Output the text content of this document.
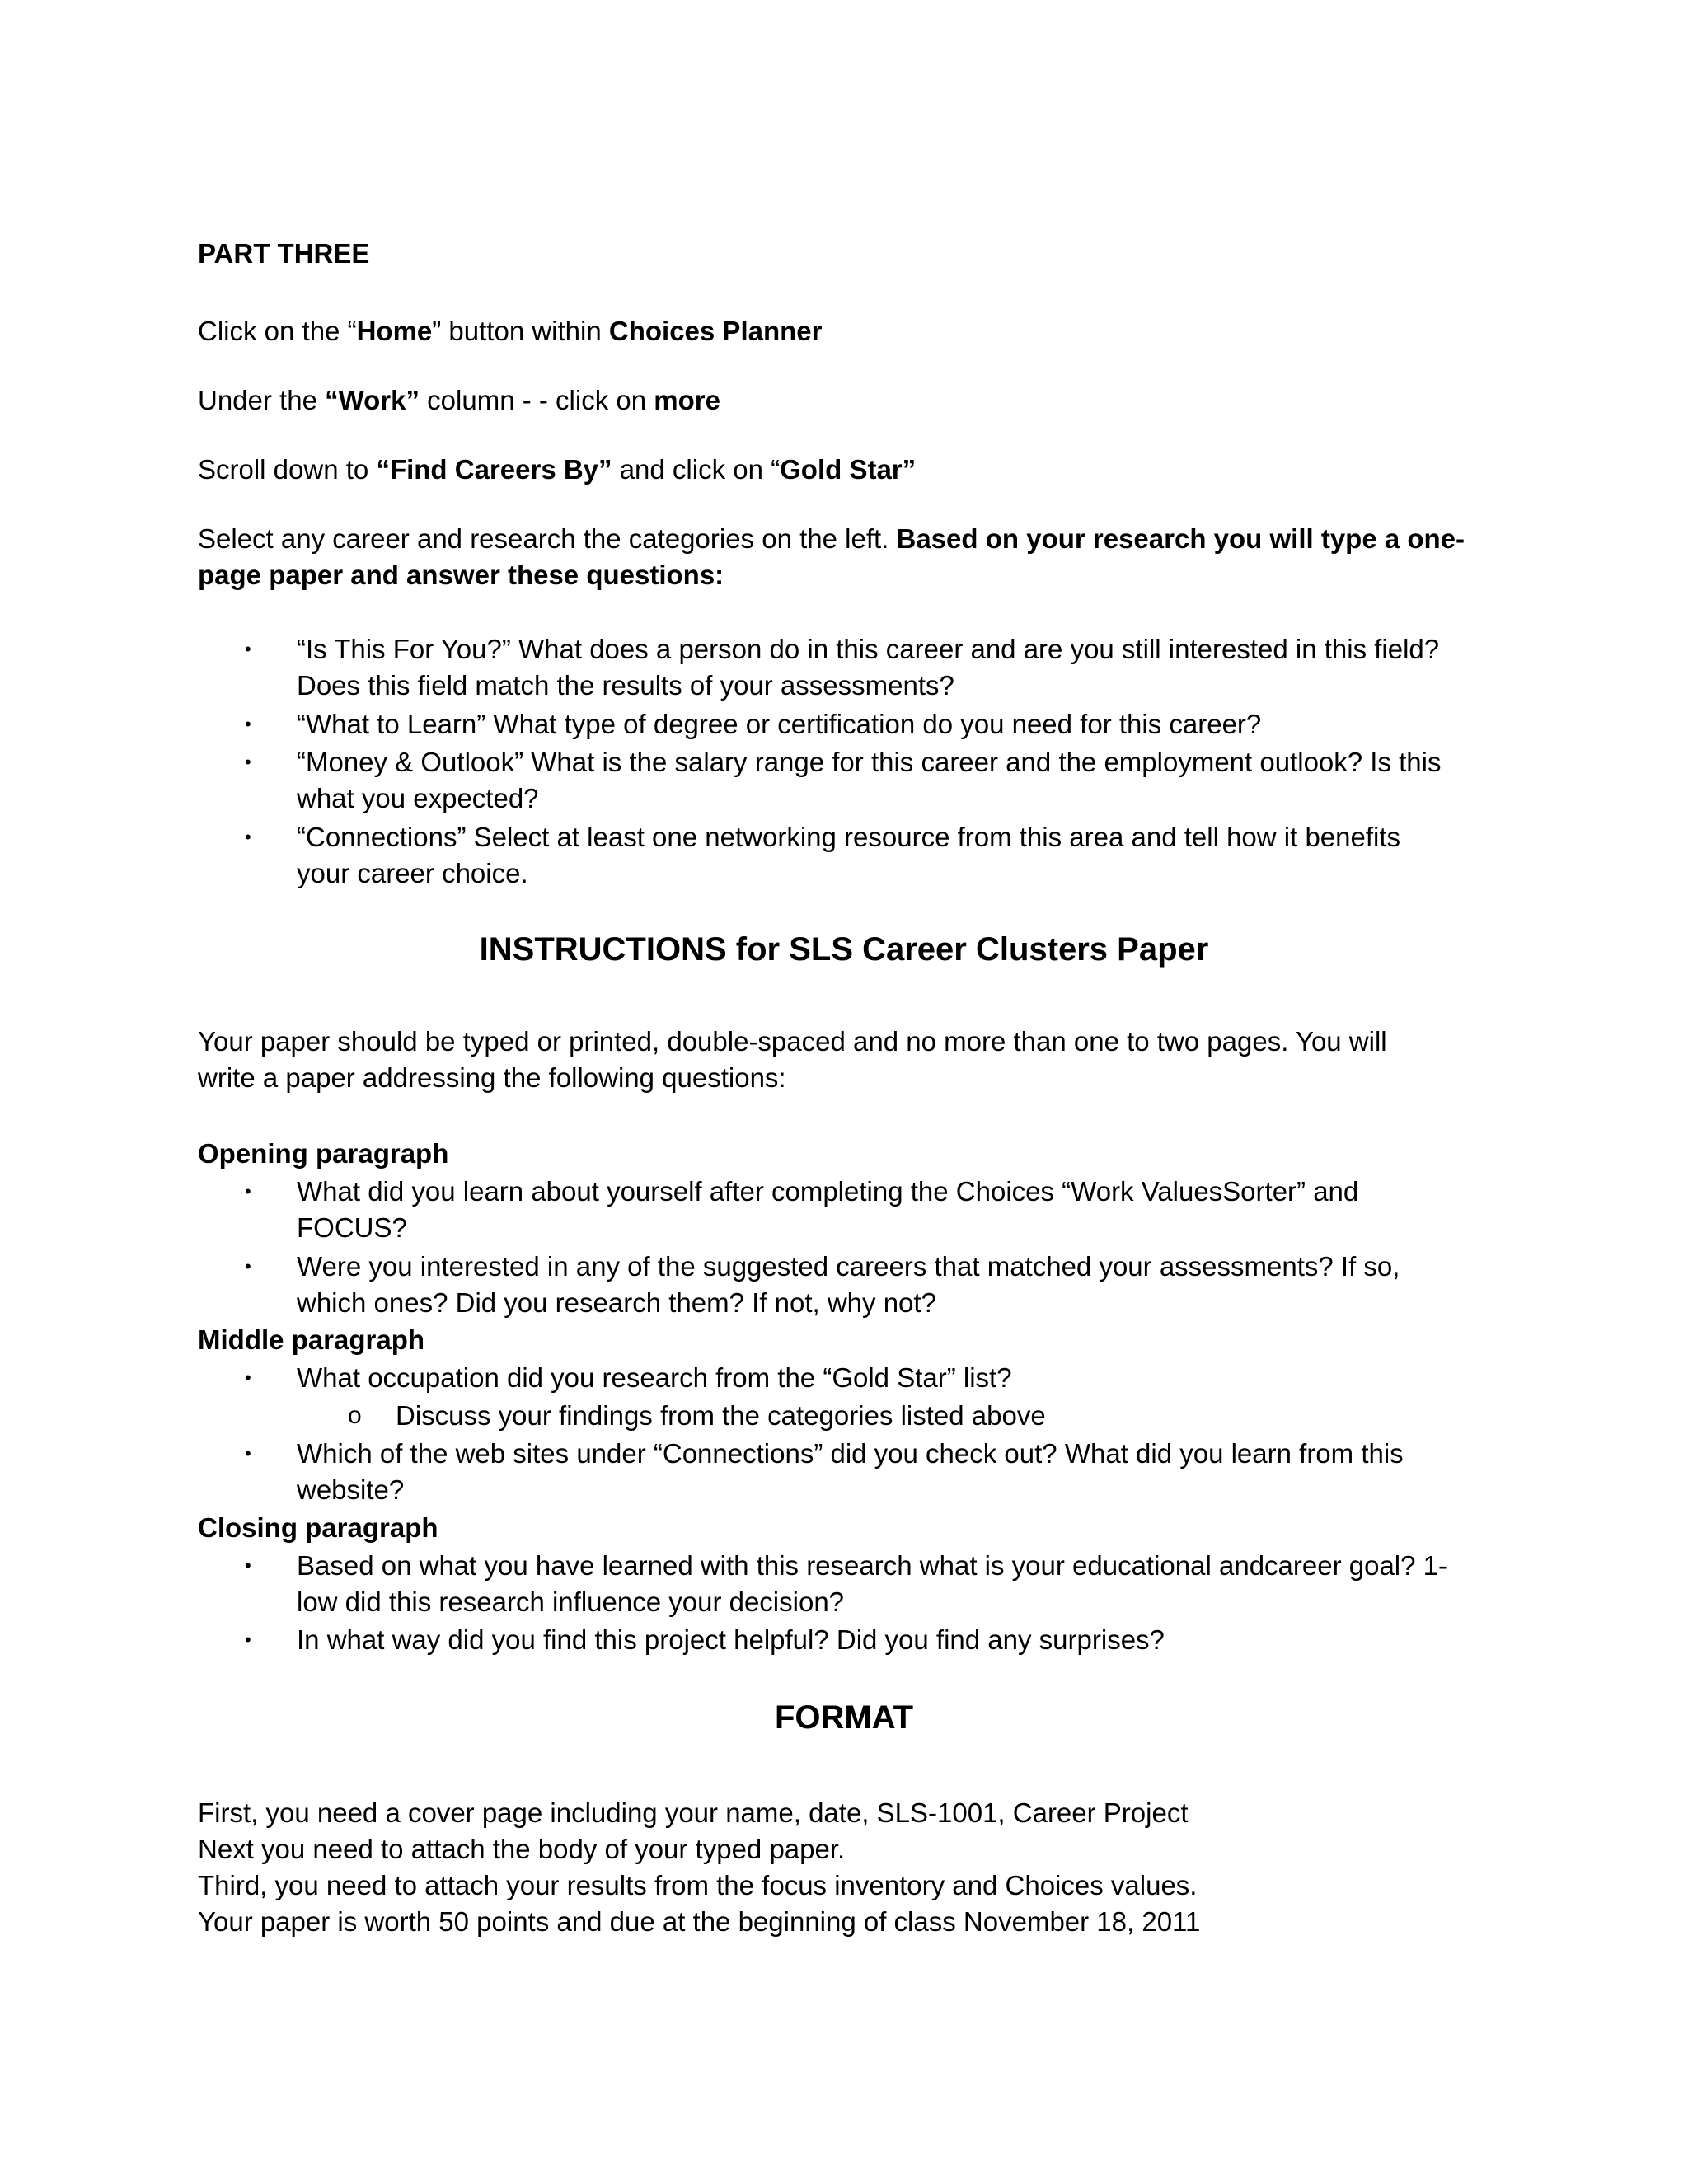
PART THREE

Click on the “Home” button within Choices Planner

Under the “Work” column - - click on more

Scroll down to “Find Careers By” and click on “Gold Star”

Select any career and research the categories on the left. Based on your research you will type a one-

page paper and answer these questions:

• “Is This For You?” What does a person do in this career and are you still interested in this field?

Does this field match the results of your assessments?

• “What to Learn” What type of degree or certification do you need for this career?

• “Money & Outlook” What is the salary range for this career and the employment outlook? Is this

what you expected?

• “Connections” Select at least one networking resource from this area and tell how it benefits

your career choice.

INSTRUCTIONS for SLS Career Clusters Paper

Your paper should be typed or printed, double-spaced and no more than one to two pages. You will

write a paper addressing the following questions:

Opening paragraph

• What did you learn about yourself after completing the Choices “Work ValuesSorter” and

FOCUS?

• Were you interested in any of the suggested careers that matched your assessments? If so,

which ones? Did you research them? If not, why not?

Middle paragraph

• What occupation did you research from the “Gold Star” list?

o Discuss your findings from the categories listed above

• Which of the web sites under “Connections” did you check out? What did you learn from this

website?

Closing paragraph

• Based on what you have learned with this research what is your educational andcareer goal? 1-

low did this research influence your decision?

• In what way did you find this project helpful? Did you find any surprises?

FORMAT

First, you need a cover page including your name, date, SLS-1001, Career Project

Next you need to attach the body of your typed paper.

Third, you need to attach your results from the focus inventory and Choices values.

Your paper is worth 50 points and due at the beginning of class November 18, 2011
